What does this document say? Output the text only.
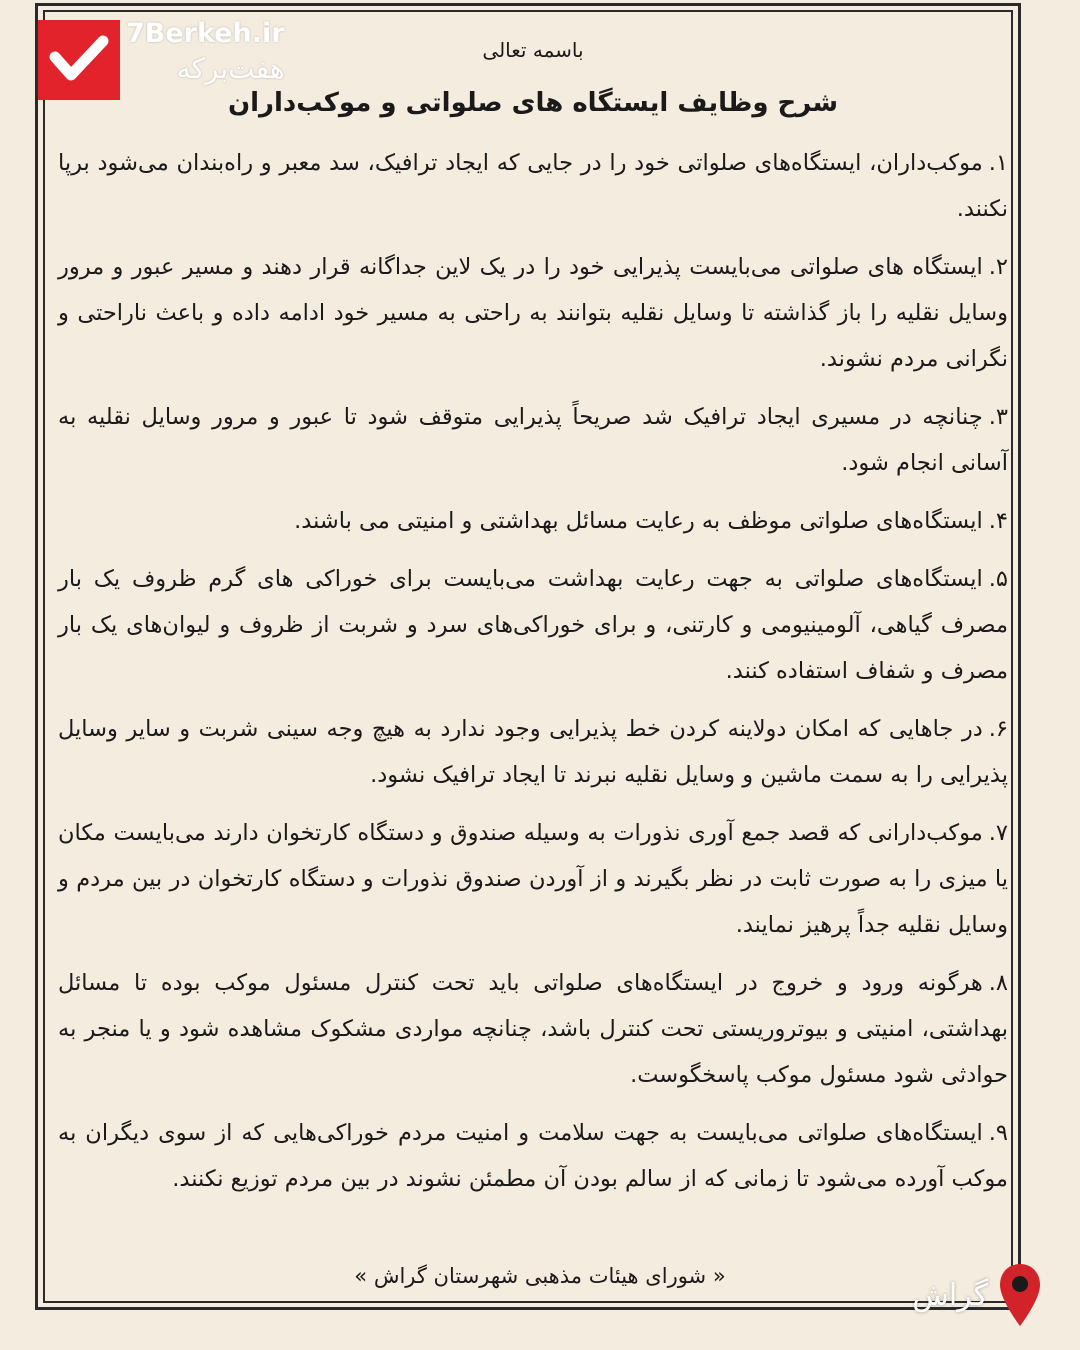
7Berkeh.ir
هفت‌برکه
باسمه تعالی
شرح وظایف ایستگاه های صلواتی و موکب‌داران
۱.موکب‌داران، ایستگاه‌های صلواتی خود را در جایی که ایجاد ترافیک، سد معبر و راه‌بندان می‌شود برپا نکنند.
۲.ایستگاه های صلواتی می‌بایست پذیرایی خود را در یک لاین جداگانه قرار دهند و مسیر عبور و مرور وسایل نقلیه را باز گذاشته تا وسایل نقلیه بتوانند به راحتی به مسیر خود ادامه داده و باعث ناراحتی و نگرانی مردم نشوند.
۳.چنانچه در مسیری ایجاد ترافیک شد صریحاً پذیرایی متوقف شود تا عبور و مرور وسایل نقلیه به آسانی انجام شود.
۴.ایستگاه‌های صلواتی موظف به رعایت مسائل بهداشتی و امنیتی می باشند.
۵.ایستگاه‌های صلواتی به جهت رعایت بهداشت می‌بایست برای خوراکی های گرم ظروف یک بار مصرف گیاهی، آلومینیومی و کارتنی، و برای خوراکی‌های سرد و شربت از ظروف و لیوان‌های یک بار مصرف و شفاف استفاده کنند.
۶.در جاهایی که امکان دولاینه کردن خط پذیرایی وجود ندارد به هیچ وجه سینی شربت و سایر وسایل پذیرایی را به سمت ماشین و وسایل نقلیه نبرند تا ایجاد ترافیک نشود.
۷.موکب‌دارانی که قصد جمع آوری نذورات به وسیله صندوق و دستگاه کارتخوان دارند می‌بایست مکان یا میزی را به صورت ثابت در نظر بگیرند و از آوردن صندوق نذورات و دستگاه کارتخوان در بین مردم و وسایل نقلیه جداً پرهیز نمایند.
۸.هرگونه ورود و خروج در ایستگاه‌های صلواتی باید تحت کنترل مسئول موکب بوده تا مسائل بهداشتی، امنیتی و بیوتروریستی تحت کنترل باشد، چنانچه مواردی مشکوک مشاهده شود و یا منجر به حوادثی شود مسئول موکب پاسخگوست.
۹.ایستگاه‌های صلواتی می‌بایست به جهت سلامت و امنیت مردم خوراکی‌هایی که از سوی دیگران به موکب آورده می‌شود تا زمانی که از سالم بودن آن مطمئن نشوند در بین مردم توزیع نکنند.
« شورای هیئات مذهبی شهرستان گراش »
گراش
